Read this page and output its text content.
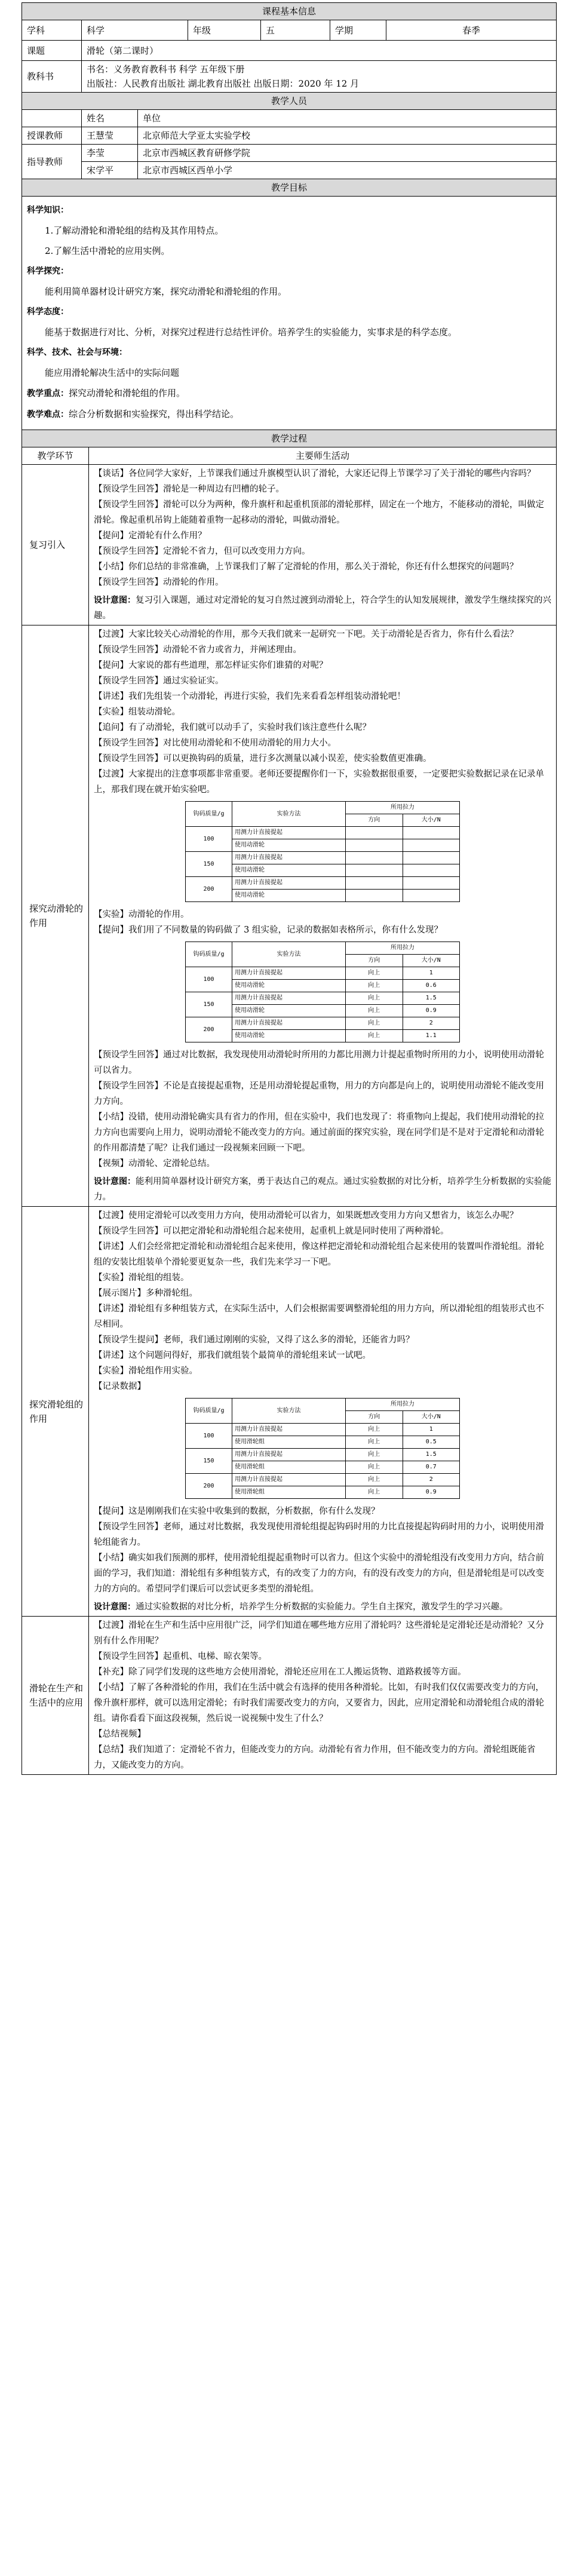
课程基本信息					
学科	科学	年级	五	学期	春季
课题	滑轮（第二课时）				
教科书	书名：义务教育教科书 科学 五年级下册
出版社：人民教育出版社 湖北教育出版社 出版日期：2020 年 12 月				
教学人员		
	姓名	单位
授课教师	王慧莹	北京师范大学亚太实验学校
指导教师	李莹	北京市西城区教育研修学院
	宋学平	北京市西城区西单小学
教学目标

科学知识：

1.了解动滑轮和滑轮组的结构及其作用特点。

2.了解生活中滑轮的应用实例。

科学探究：

能利用简单器材设计研究方案，探究动滑轮和滑轮组的作用。

科学态度：

能基于数据进行对比、分析，对探究过程进行总结性评价。培养学生的实验能力，实事求是的科学态度。

科学、技术、社会与环境：

能应用滑轮解决生活中的实际问题

教学重点：探究动滑轮和滑轮组的作用。

教学难点：综合分析数据和实验探究，得出科学结论。

教学过程
教学环节	主要师生活动
复习引入	

【谈话】各位同学大家好，上节课我们通过升旗模型认识了滑轮，大家还记得上节课学习了关于滑轮的哪些内容吗？

【预设学生回答】滑轮是一种周边有凹槽的轮子。

【预设学生回答】滑轮可以分为两种，像升旗杆和起重机顶部的滑轮那样，固定在一个地方，不能移动的滑轮，叫做定滑轮。像起重机吊钩上能随着重物一起移动的滑轮，叫做动滑轮。

【提问】定滑轮有什么作用？

【预设学生回答】定滑轮不省力，但可以改变用力方向。

【小结】你们总结的非常准确，上节课我们了解了定滑轮的作用，那么关于滑轮，你还有什么想探究的问题吗？

【预设学生回答】动滑轮的作用。

设计意图：复习引入课题，通过对定滑轮的复习自然过渡到动滑轮上，符合学生的认知发展规律，激发学生继续探究的兴趣。

探究动滑轮的作用	

【过渡】大家比较关心动滑轮的作用，那今天我们就来一起研究一下吧。关于动滑轮是否省力，你有什么看法？

【预设学生回答】动滑轮不省力或省力，并阐述理由。

【提问】大家说的都有些道理，那怎样证实你们谁猜的对呢？

【预设学生回答】通过实验证实。

【讲述】我们先组装一个动滑轮，再进行实验，我们先来看看怎样组装动滑轮吧！

【实验】组装动滑轮。

【追问】有了动滑轮，我们就可以动手了，实验时我们该注意些什么呢？

【预设学生回答】对比使用动滑轮和不使用动滑轮的用力大小。

【预设学生回答】可以更换钩码的质量，进行多次测量以减小误差，使实验数值更准确。

【过渡】大家提出的注意事项都非常重要。老师还要提醒你们一下，实验数据很重要，一定要把实验数据记录在记录单上，那我们现在就开始实验吧。

钩码质量/g	实验方法	所用拉力
方向	大小/N
100	用测力计直接提起		
使用动滑轮		
150	用测力计直接提起		
使用动滑轮		
200	用测力计直接提起		
使用动滑轮		

【实验】动滑轮的作用。

【提问】我们用了不同数量的钩码做了 3 组实验，记录的数据如表格所示，你有什么发现？

钩码质量/g	实验方法	所用拉力
方向	大小/N
100	用测力计直接提起	向上	1
使用动滑轮	向上	0.6
150	用测力计直接提起	向上	1.5
使用动滑轮	向上	0.9
200	用测力计直接提起	向上	2
使用动滑轮	向上	1.1

【预设学生回答】通过对比数据，我发现使用动滑轮时所用的力都比用测力计提起重物时所用的力小，说明使用动滑轮可以省力。

【预设学生回答】不论是直接提起重物，还是用动滑轮提起重物，用力的方向都是向上的，说明使用动滑轮不能改变用力方向。

【小结】没错，使用动滑轮确实具有省力的作用，但在实验中，我们也发现了：将重物向上提起，我们使用动滑轮的拉力方向也需要向上用力，说明动滑轮不能改变力的方向。通过前面的探究实验，现在同学们是不是对于定滑轮和动滑轮的作用都清楚了呢？让我们通过一段视频来回顾一下吧。

【视频】动滑轮、定滑轮总结。

设计意图：能利用简单器材设计研究方案，勇于表达自己的观点。通过实验数据的对比分析，培养学生分析数据的实验能力。

探究滑轮组的作用	

【过渡】使用定滑轮可以改变用力方向，使用动滑轮可以省力，如果既想改变用力方向又想省力，该怎么办呢？

【预设学生回答】可以把定滑轮和动滑轮组合起来使用，起重机上就是同时使用了两种滑轮。

【讲述】人们会经常把定滑轮和动滑轮组合起来使用，像这样把定滑轮和动滑轮组合起来使用的装置叫作滑轮组。滑轮组的安装比组装单个滑轮要更复杂一些，我们先来学习一下吧。

【实验】滑轮组的组装。

【展示图片】多种滑轮组。

【讲述】滑轮组有多种组装方式，在实际生活中，人们会根据需要调整滑轮组的用力方向，所以滑轮组的组装形式也不尽相同。

【预设学生提问】老师，我们通过刚刚的实验，又得了这么多的滑轮，还能省力吗？

【讲述】这个问题问得好，那我们就组装个最简单的滑轮组来试一试吧。

【实验】滑轮组作用实验。

【记录数据】

钩码质量/g	实验方法	所用拉力
方向	大小/N
100	用测力计直接提起	向上	1
使用滑轮组	向上	0.5
150	用测力计直接提起	向上	1.5
使用滑轮组	向上	0.7
200	用测力计直接提起	向上	2
使用滑轮组	向上	0.9

【提问】这是刚刚我们在实验中收集到的数据，分析数据，你有什么发现？

【预设学生回答】老师，通过对比数据，我发现使用滑轮组提起钩码时用的力比直接提起钩码时用的力小，说明使用滑轮组能省力。

【小结】确实如我们预测的那样，使用滑轮组提起重物时可以省力。但这个实验中的滑轮组没有改变用力方向，结合前面的学习，我们知道：滑轮组有多种组装方式，有的改变了力的方向，有的没有改变力的方向，但是滑轮组是可以改变力的方向的。希望同学们课后可以尝试更多类型的滑轮组。

设计意图：通过实验数据的对比分析，培养学生分析数据的实验能力。学生自主探究，激发学生的学习兴趣。

滑轮在生产和生活中的应用	

【过渡】滑轮在生产和生活中应用很广泛，同学们知道在哪些地方应用了滑轮吗？这些滑轮是定滑轮还是动滑轮？又分别有什么作用呢？

【预设学生回答】起重机、电梯、晾衣架等。

【补充】除了同学们发现的这些地方会使用滑轮，滑轮还应用在工人搬运货物、道路救援等方面。

【小结】了解了各种滑轮的作用，我们在生活中就会有选择的使用各种滑轮。比如，有时我们仅仅需要改变力的方向，像升旗杆那样，就可以选用定滑轮；有时我们需要改变力的方向，又要省力，因此，应用定滑轮和动滑轮组合成的滑轮组。请你看看下面这段视频，然后说一说视频中发生了什么？

【总结视频】

【总结】我们知道了：定滑轮不省力，但能改变力的方向。动滑轮有省力作用，但不能改变力的方向。滑轮组既能省力，又能改变力的方向。
